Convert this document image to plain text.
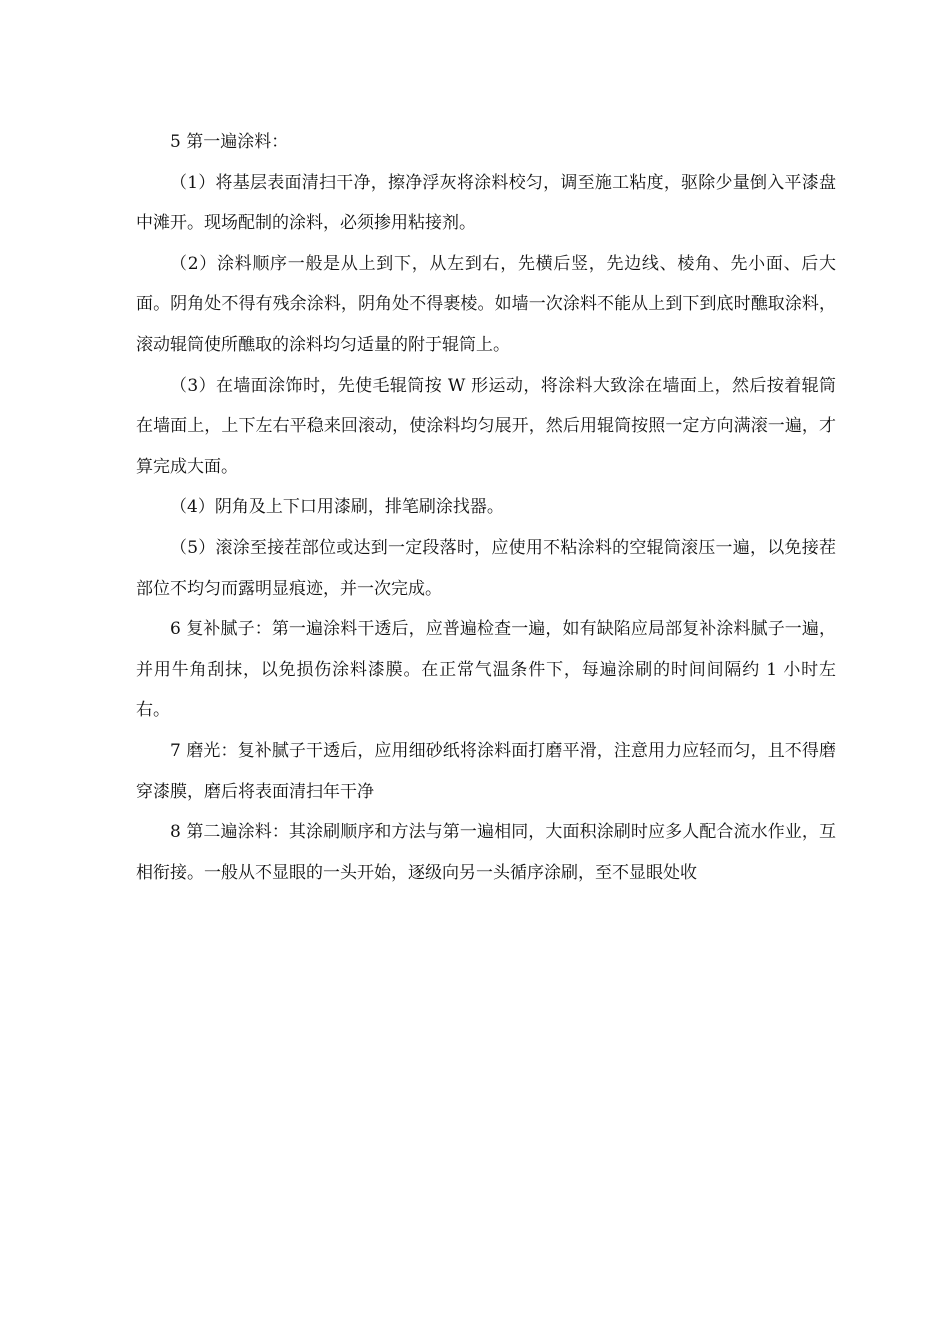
5 第一遍涂料：

（1）将基层表面清扫干净，擦净浮灰将涂料校匀，调至施工粘度，驱除少量倒入平漆盘中滩开。现场配制的涂料，必须掺用粘接剂。

（2）涂料顺序一般是从上到下，从左到右，先横后竖，先边线、棱角、先小面、后大面。阴角处不得有残余涂料，阴角处不得裹棱。如墙一次涂料不能从上到下到底时醮取涂料，滚动辊筒使所醮取的涂料均匀适量的附于辊筒上。

（3）在墙面涂饰时，先使毛辊筒按 W 形运动，将涂料大致涂在墙面上，然后按着辊筒在墙面上，上下左右平稳来回滚动，使涂料均匀展开，然后用辊筒按照一定方向满滚一遍，才算完成大面。

（4）阴角及上下口用漆刷，排笔刷涂找器。

（5）滚涂至接茬部位或达到一定段落时，应使用不粘涂料的空辊筒滚压一遍，以免接茬部位不均匀而露明显痕迹，并一次完成。

6 复补腻子：第一遍涂料干透后，应普遍检查一遍，如有缺陷应局部复补涂料腻子一遍，并用牛角刮抹，以免损伤涂料漆膜。在正常气温条件下，每遍涂刷的时间间隔约 1 小时左右。

7 磨光：复补腻子干透后，应用细砂纸将涂料面打磨平滑，注意用力应轻而匀，且不得磨穿漆膜，磨后将表面清扫年干净

8 第二遍涂料：其涂刷顺序和方法与第一遍相同，大面积涂刷时应多人配合流水作业，互相衔接。一般从不显眼的一头开始，逐级向另一头循序涂刷，至不显眼处收
